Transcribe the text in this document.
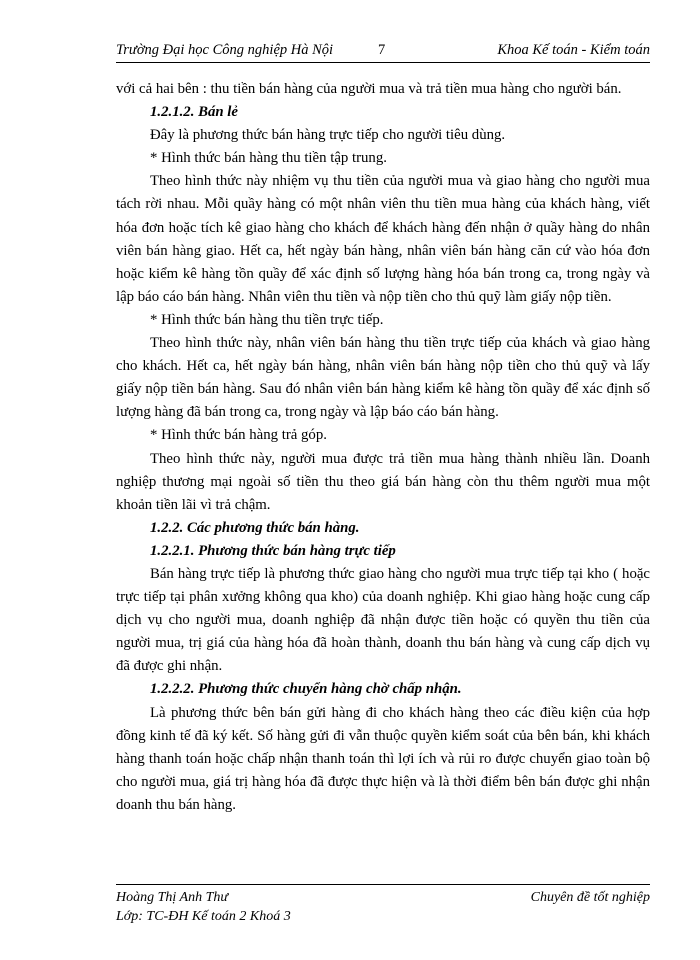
Trường Đại học Công nghiệp Hà Nội	7	Khoa Kế toán - Kiểm toán

với cả hai bên : thu tiền bán hàng của người mua và trả tiền mua hàng cho người bán.

1.2.1.2. Bán lẻ

Đây là phương thức bán hàng trực tiếp cho người tiêu dùng.

* Hình thức bán hàng thu tiền tập trung.

Theo hình thức này nhiệm vụ thu tiền của người mua và giao hàng cho người mua tách rời nhau. Mỗi quầy hàng có một nhân viên thu tiền mua hàng của khách hàng, viết hóa đơn hoặc tích kê giao hàng cho khách để khách hàng đến nhận ở quầy hàng do nhân viên bán hàng giao. Hết ca, hết ngày bán hàng, nhân viên bán hàng căn cứ vào hóa đơn hoặc kiểm kê hàng tồn quầy để xác định số lượng hàng hóa bán trong ca, trong ngày và lập báo cáo bán hàng. Nhân viên thu tiền và nộp tiền cho thủ quỹ làm giấy nộp tiền.

* Hình thức bán hàng thu tiền trực tiếp.

Theo hình thức này, nhân viên bán hàng thu tiền trực tiếp của khách và giao hàng cho khách. Hết ca, hết ngày bán hàng, nhân viên bán hàng nộp tiền cho thủ quỹ và lấy giấy nộp tiền bán hàng. Sau đó nhân viên bán hàng kiểm kê hàng tồn quầy để xác định số lượng hàng đã bán trong ca, trong ngày và lập báo cáo bán hàng.

* Hình thức bán hàng trả góp.

Theo hình thức này, người mua được trả tiền mua hàng thành nhiều lần. Doanh nghiệp thương mại ngoài số tiền thu theo giá bán hàng còn thu thêm người mua một khoản tiền lãi vì trả chậm.

1.2.2. Các phương thức bán hàng.

1.2.2.1. Phương thức bán hàng trực tiếp

Bán hàng trực tiếp là phương thức giao hàng cho người mua trực tiếp tại kho ( hoặc trực tiếp tại phân xưởng không qua kho) của doanh nghiệp. Khi giao hàng hoặc cung cấp dịch vụ cho người mua, doanh nghiệp đã nhận được tiền hoặc có quyền thu tiền của người mua, trị giá của hàng hóa đã hoàn thành, doanh thu bán hàng và cung cấp dịch vụ đã được ghi nhận.

1.2.2.2. Phương thức chuyển hàng chờ chấp nhận.

Là phương thức bên bán gửi hàng đi cho khách hàng theo các điều kiện của hợp đồng kinh tế đã ký kết. Số hàng gửi đi vẫn thuộc quyền kiểm soát của bên bán, khi khách hàng thanh toán hoặc chấp nhận thanh toán thì lợi ích và rủi ro được chuyển giao toàn bộ cho người mua, giá trị hàng hóa đã được thực hiện và là thời điểm bên bán được ghi nhận doanh thu bán hàng.

Hoàng Thị Anh Thư	Chuyên đề tốt nghiệp
Lớp: TC-ĐH Kế toán 2 Khoá 3
